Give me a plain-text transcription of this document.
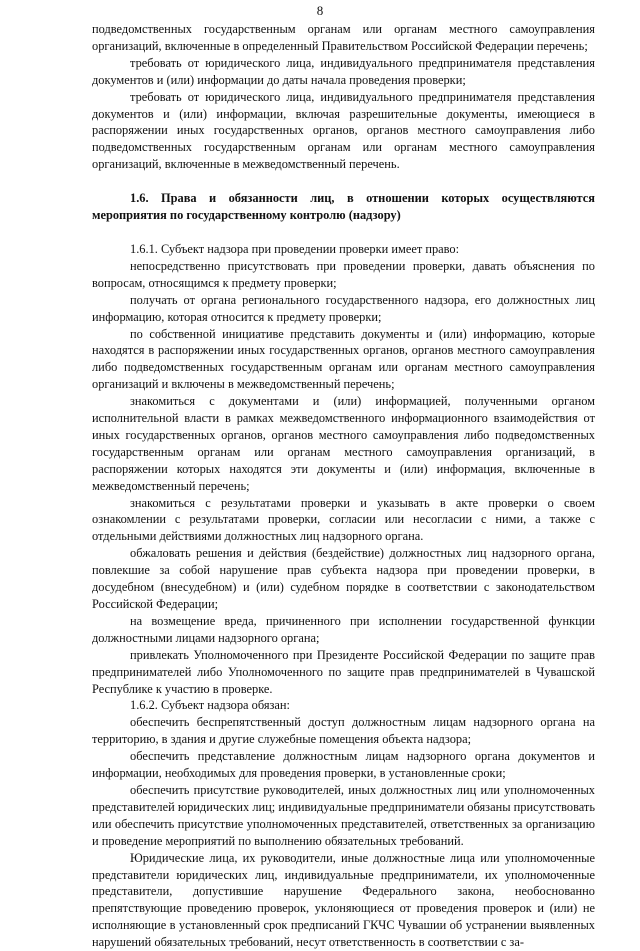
8

подведомственных государственным органам или органам местного самоуправления организаций, включенные в определенный Правительством Российской Федерации перечень;

требовать от юридического лица, индивидуального предпринимателя представления документов и (или) информации до даты начала проведения проверки;

требовать от юридического лица, индивидуального предпринимателя представления документов и (или) информации, включая разрешительные документы, имеющиеся в распоряжении иных государственных органов, органов местного самоуправления либо подведомственных государственным органам или органам местного самоуправления организаций, включенные в межведомственный перечень.

1.6. Права и обязанности лиц, в отношении которых осуществляются мероприятия по государственному контролю (надзору)

1.6.1. Субъект надзора при проведении проверки имеет право:

непосредственно присутствовать при проведении проверки, давать объяснения по вопросам, относящимся к предмету проверки;

получать от органа регионального государственного надзора, его должностных лиц информацию, которая относится к предмету проверки;

по собственной инициативе представить документы и (или) информацию, которые находятся в распоряжении иных государственных органов, органов местного самоуправления либо подведомственных государственным органам или органам местного самоуправления организаций и включены в межведомственный перечень;

знакомиться с документами и (или) информацией, полученными органом исполнительной власти в рамках межведомственного информационного взаимодействия от иных государственных органов, органов местного самоуправления либо подведомственных государственным органам или органам местного самоуправления организаций, в распоряжении которых находятся эти документы и (или) информация, включенные в межведомственный перечень;

знакомиться с результатами проверки и указывать в акте проверки о своем ознакомлении с результатами проверки, согласии или несогласии с ними, а также с отдельными действиями должностных лиц надзорного органа.

обжаловать решения и действия (бездействие) должностных лиц надзорного органа, повлекшие за собой нарушение прав субъекта надзора при проведении проверки, в досудебном (внесудебном) и (или) судебном порядке в соответствии с законодательством Российской Федерации;

на возмещение вреда, причиненного при исполнении государственной функции должностными лицами надзорного органа;

привлекать Уполномоченного при Президенте Российской Федерации по защите прав предпринимателей либо Уполномоченного по защите прав предпринимателей в Чувашской Республике к участию в проверке.

1.6.2. Субъект надзора обязан:

обеспечить беспрепятственный доступ должностным лицам надзорного органа на территорию, в здания и другие служебные помещения объекта надзора;

обеспечить представление должностным лицам надзорного органа документов и информации, необходимых для проведения проверки, в установленные сроки;

обеспечить присутствие руководителей, иных должностных лиц или уполномоченных представителей юридических лиц; индивидуальные предприниматели обязаны присутствовать или обеспечить присутствие уполномоченных представителей, ответственных за организацию и проведение мероприятий по выполнению обязательных требований.

Юридические лица, их руководители, иные должностные лица или уполномоченные представители юридических лиц, индивидуальные предприниматели, их уполномоченные представители, допустившие нарушение Федерального закона, необоснованно препятствующие проведению проверок, уклоняющиеся от проведения проверок и (или) не исполняющие в установленный срок предписаний ГКЧС Чувашии об устранении выявленных нарушений обязательных требований, несут ответственность в соответствии с за-
